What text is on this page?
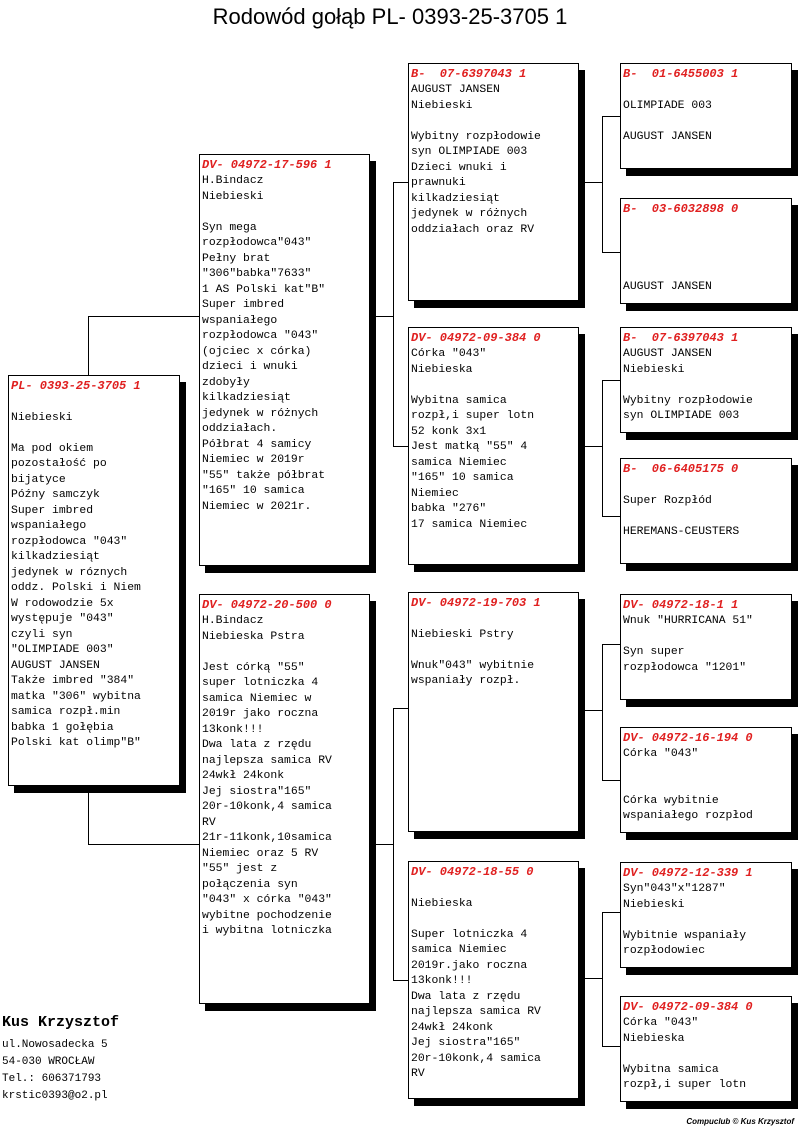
Rodowód gołąb PL- 0393-25-3705 1
PL- 0393-25-3705 1

Niebieski

Ma pod okiem
pozostałość po
bijatyce
Późny samczyk
Super imbred
wspaniałego
rozpłodowca "043"
kilkadziesiąt
jedynek w róznych
oddz. Polski i Niem
W rodowodzie 5x
występuje "043"
czyli syn
"OLIMPIADE 003"
AUGUST JANSEN
Także imbred "384"
matka "306" wybitna
samica rozpł.min
babka 1 gołębia
Polski kat olimp"B"
DV- 04972-17-596 1
H.Bindacz
Niebieski

Syn mega
rozpłodowca"043"
Pełny brat
"306"babka"7633"
1 AS Polski kat"B"
Super imbred
wspaniałego
rozpłodowca "043"
(ojciec x córka)
dzieci i wnuki
zdobyły
kilkadziesiąt
jedynek w różnych
oddziałach.
Półbrat 4 samicy
Niemiec w 2019r
"55" także półbrat
"165" 10 samica
Niemiec w 2021r.
DV- 04972-20-500 0
H.Bindacz
Niebieska Pstra

Jest córką "55"
super lotniczka 4
samica Niemiec w
2019r jako roczna
13konk!!!
Dwa lata z rzędu
najlepsza samica RV
24wkł 24konk
Jej siostra"165"
20r-10konk,4 samica
RV
21r-11konk,10samica
Niemiec oraz 5 RV
"55" jest z
połączenia syn
"043" x córka "043"
wybitne pochodzenie
i wybitna lotniczka
B-  07-6397043 1
AUGUST JANSEN
Niebieski

Wybitny rozpłodowie
syn OLIMPIADE 003
Dzieci wnuki i
prawnuki
kilkadziesiąt
jedynek w różnych
oddziałach oraz RV
DV- 04972-09-384 0
Córka "043"
Niebieska

Wybitna samica
rozpł,i super lotn
52 konk 3x1
Jest matką "55" 4
samica Niemiec
"165" 10 samica
Niemiec
babka "276"
17 samica Niemiec
DV- 04972-19-703 1

Niebieski Pstry

Wnuk"043" wybitnie
wspaniały rozpł.
DV- 04972-18-55 0

Niebieska

Super lotniczka 4
samica Niemiec
2019r.jako roczna
13konk!!!
Dwa lata z rzędu
najlepsza samica RV
24wkł 24konk
Jej siostra"165"
20r-10konk,4 samica
RV
B-  01-6455003 1

OLIMPIADE 003

AUGUST JANSEN
B-  03-6032898 0

AUGUST JANSEN
B-  07-6397043 1
AUGUST JANSEN
Niebieski

Wybitny rozpłodowie
syn OLIMPIADE 003
B-  06-6405175 0

Super Rozpłód

HEREMANS-CEUSTERS
DV- 04972-18-1 1
Wnuk "HURRICANA 51"

Syn super
rozpłodowca "1201"
DV- 04972-16-194 0
Córka "043"

Córka wybitnie
wspaniałego rozpłod
DV- 04972-12-339 1
Syn"043"x"1287"
Niebieski

Wybitnie wspaniały
rozpłodowiec
DV- 04972-09-384 0
Córka "043"
Niebieska

Wybitna samica
rozpł,i super lotn
Kus Krzysztof
ul.Nowosadecka 5
54-030 WROCŁAW
Tel.: 606371793
krstic0393@o2.pl
Compuclub © Kus Krzysztof
